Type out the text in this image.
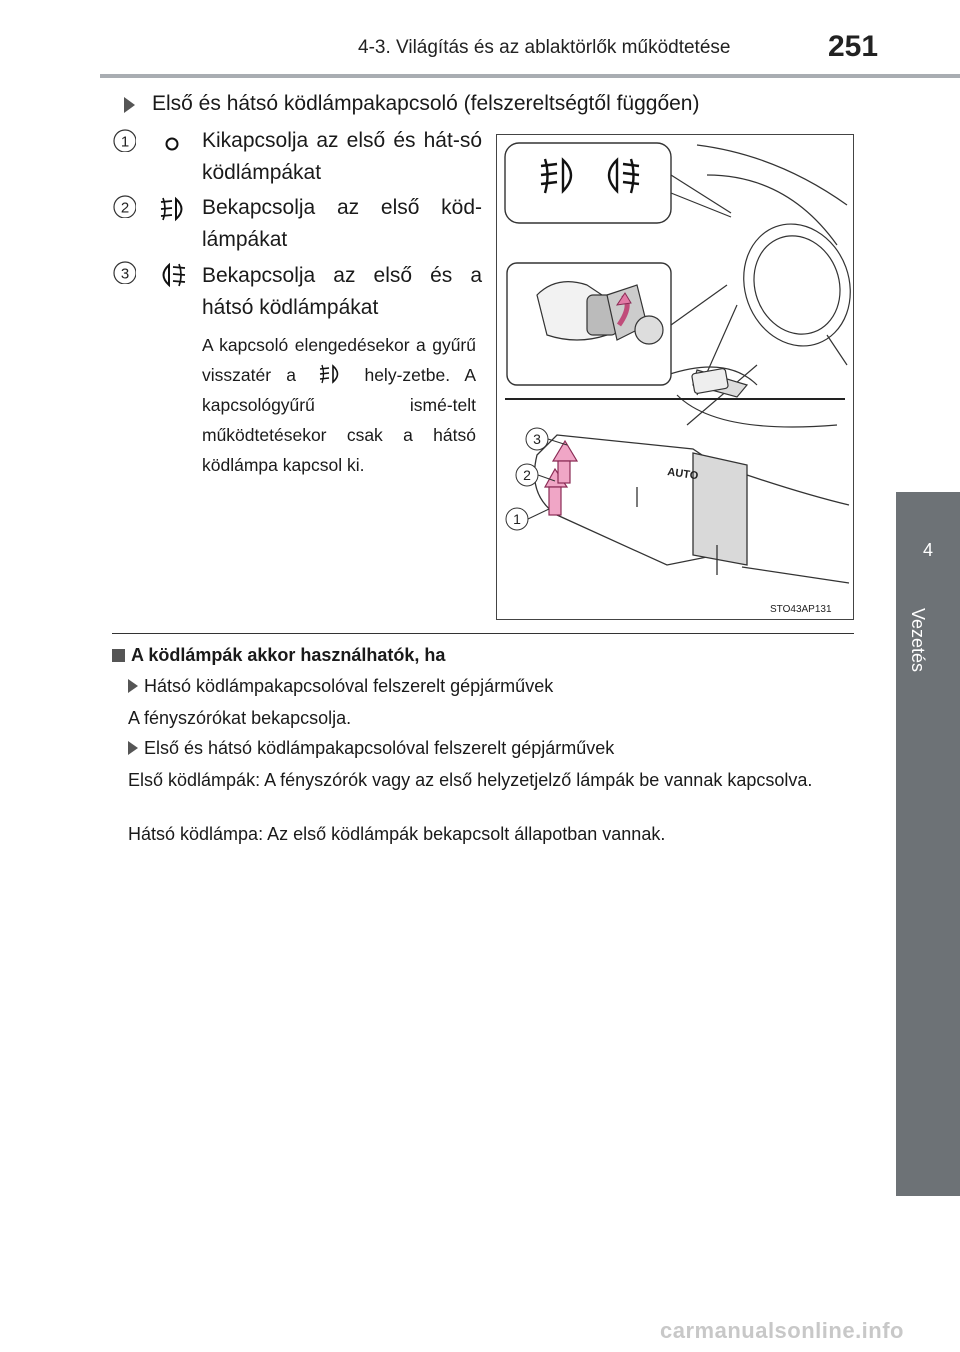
4-3. Világítás és az ablaktörlők működtetése	251
4
Vezetés
Első és hátsó ködlámpakapcsoló (felszereltségtől függően)
1	Kikapcsolja az első és hát-só ködlámpákat
2	Bekapcsolja az első köd-lámpákat
3	Bekapcsolja az első és a hátsó ködlámpákat
A kapcsoló elengedésekor a gyűrű visszatér a	hely-zetbe. A kapcsológyűrű ismé-telt működtetésekor csak a hátsó ködlámpa kapcsol ki.	AUTO
3
2
1
STO43AP131
A ködlámpák akkor használhatók, ha
Hátsó ködlámpakapcsolóval felszerelt gépjárművek
A fényszórókat bekapcsolja.
Első és hátsó ködlámpakapcsolóval felszerelt gépjárművek
Első ködlámpák: A fényszórók vagy az első helyzetjelző lámpák be vannak kapcsolva.
Hátsó ködlámpa: Az első ködlámpák bekapcsolt állapotban vannak.
carmanualsonline.info
